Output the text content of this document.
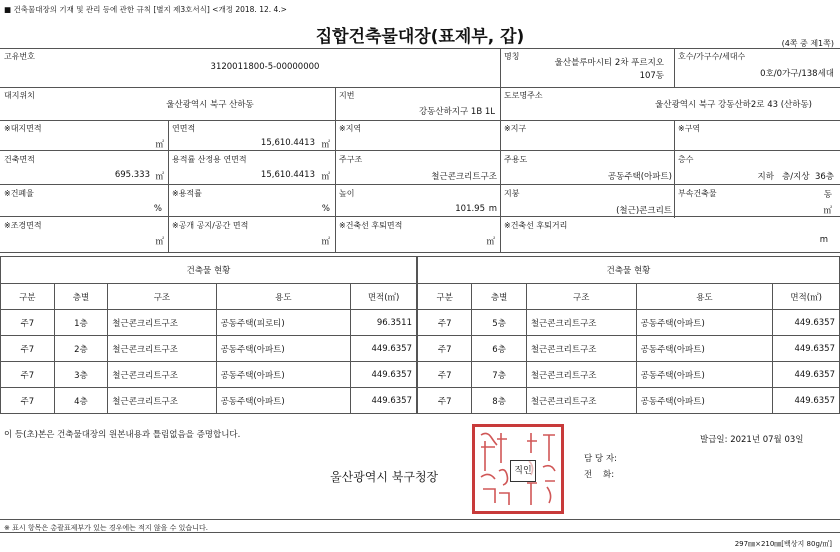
■ 건축물대장의 기재 및 관리 등에 관한 규칙 [별지 제3호서식] <개정 2018. 12. 4.>
집합건축물대장(표제부, 갑)	(4쪽 중 제1쪽)
고유번호
3120011800-5-00000000
명칭
울산블루마시티 2차 푸르지오
107동
호수/가구수/세대수
0호/0가구/138세대
대지위치
울산광역시 북구 산하동
지번
강동산하지구 1B 1L
도로명주소
울산광역시 북구 강동산하2로 43 (산하동)
※대지면적
㎡
연면적
15,610.4413 ㎡
※지역	※지구	※구역
건축면적
695.333 ㎡
용적률 산정용 연면적
15,610.4413 ㎡
주구조
철근콘크리트구조
주용도
공동주택(아파트)
층수
지하   층/지상  36층
※건폐율
%
※용적률
%
높이
101.95 m
지붕
(철근)콘크리트
부속건축물	동
㎡
※조경면적
㎡
※공개 공지/공간 면적
㎡
※건축선 후퇴면적
㎡
※건축선 후퇴거리
m
건축물 현황				
구분	층별	구조	용도	면적(㎡)
주7	1층	철근콘크리트구조	공동주택(피로티)	96.3511
주7	2층	철근콘크리트구조	공동주택(아파트)	449.6357
주7	3층	철근콘크리트구조	공동주택(아파트)	449.6357
주7	4층	철근콘크리트구조	공동주택(아파트)	449.6357
건축물 현황				
구분	층별	구조	용도	면적(㎡)
주7	5층	철근콘크리트구조	공동주택(아파트)	449.6357
주7	6층	철근콘크리트구조	공동주택(아파트)	449.6357
주7	7층	철근콘크리트구조	공동주택(아파트)	449.6357
주7	8층	철근콘크리트구조	공동주택(아파트)	449.6357
이 등(초)본은 건축물대장의 원본내용과 틀림없음을 증명합니다.	발급일: 2021년 07월 03일
울산광역시 북구청장	직인
담 당 자:
전    화:
※ 표시 항목은 총괄표제부가 있는 경우에는 적지 않을 수 있습니다.
297㎜×210㎜[백상지 80g/㎡]
